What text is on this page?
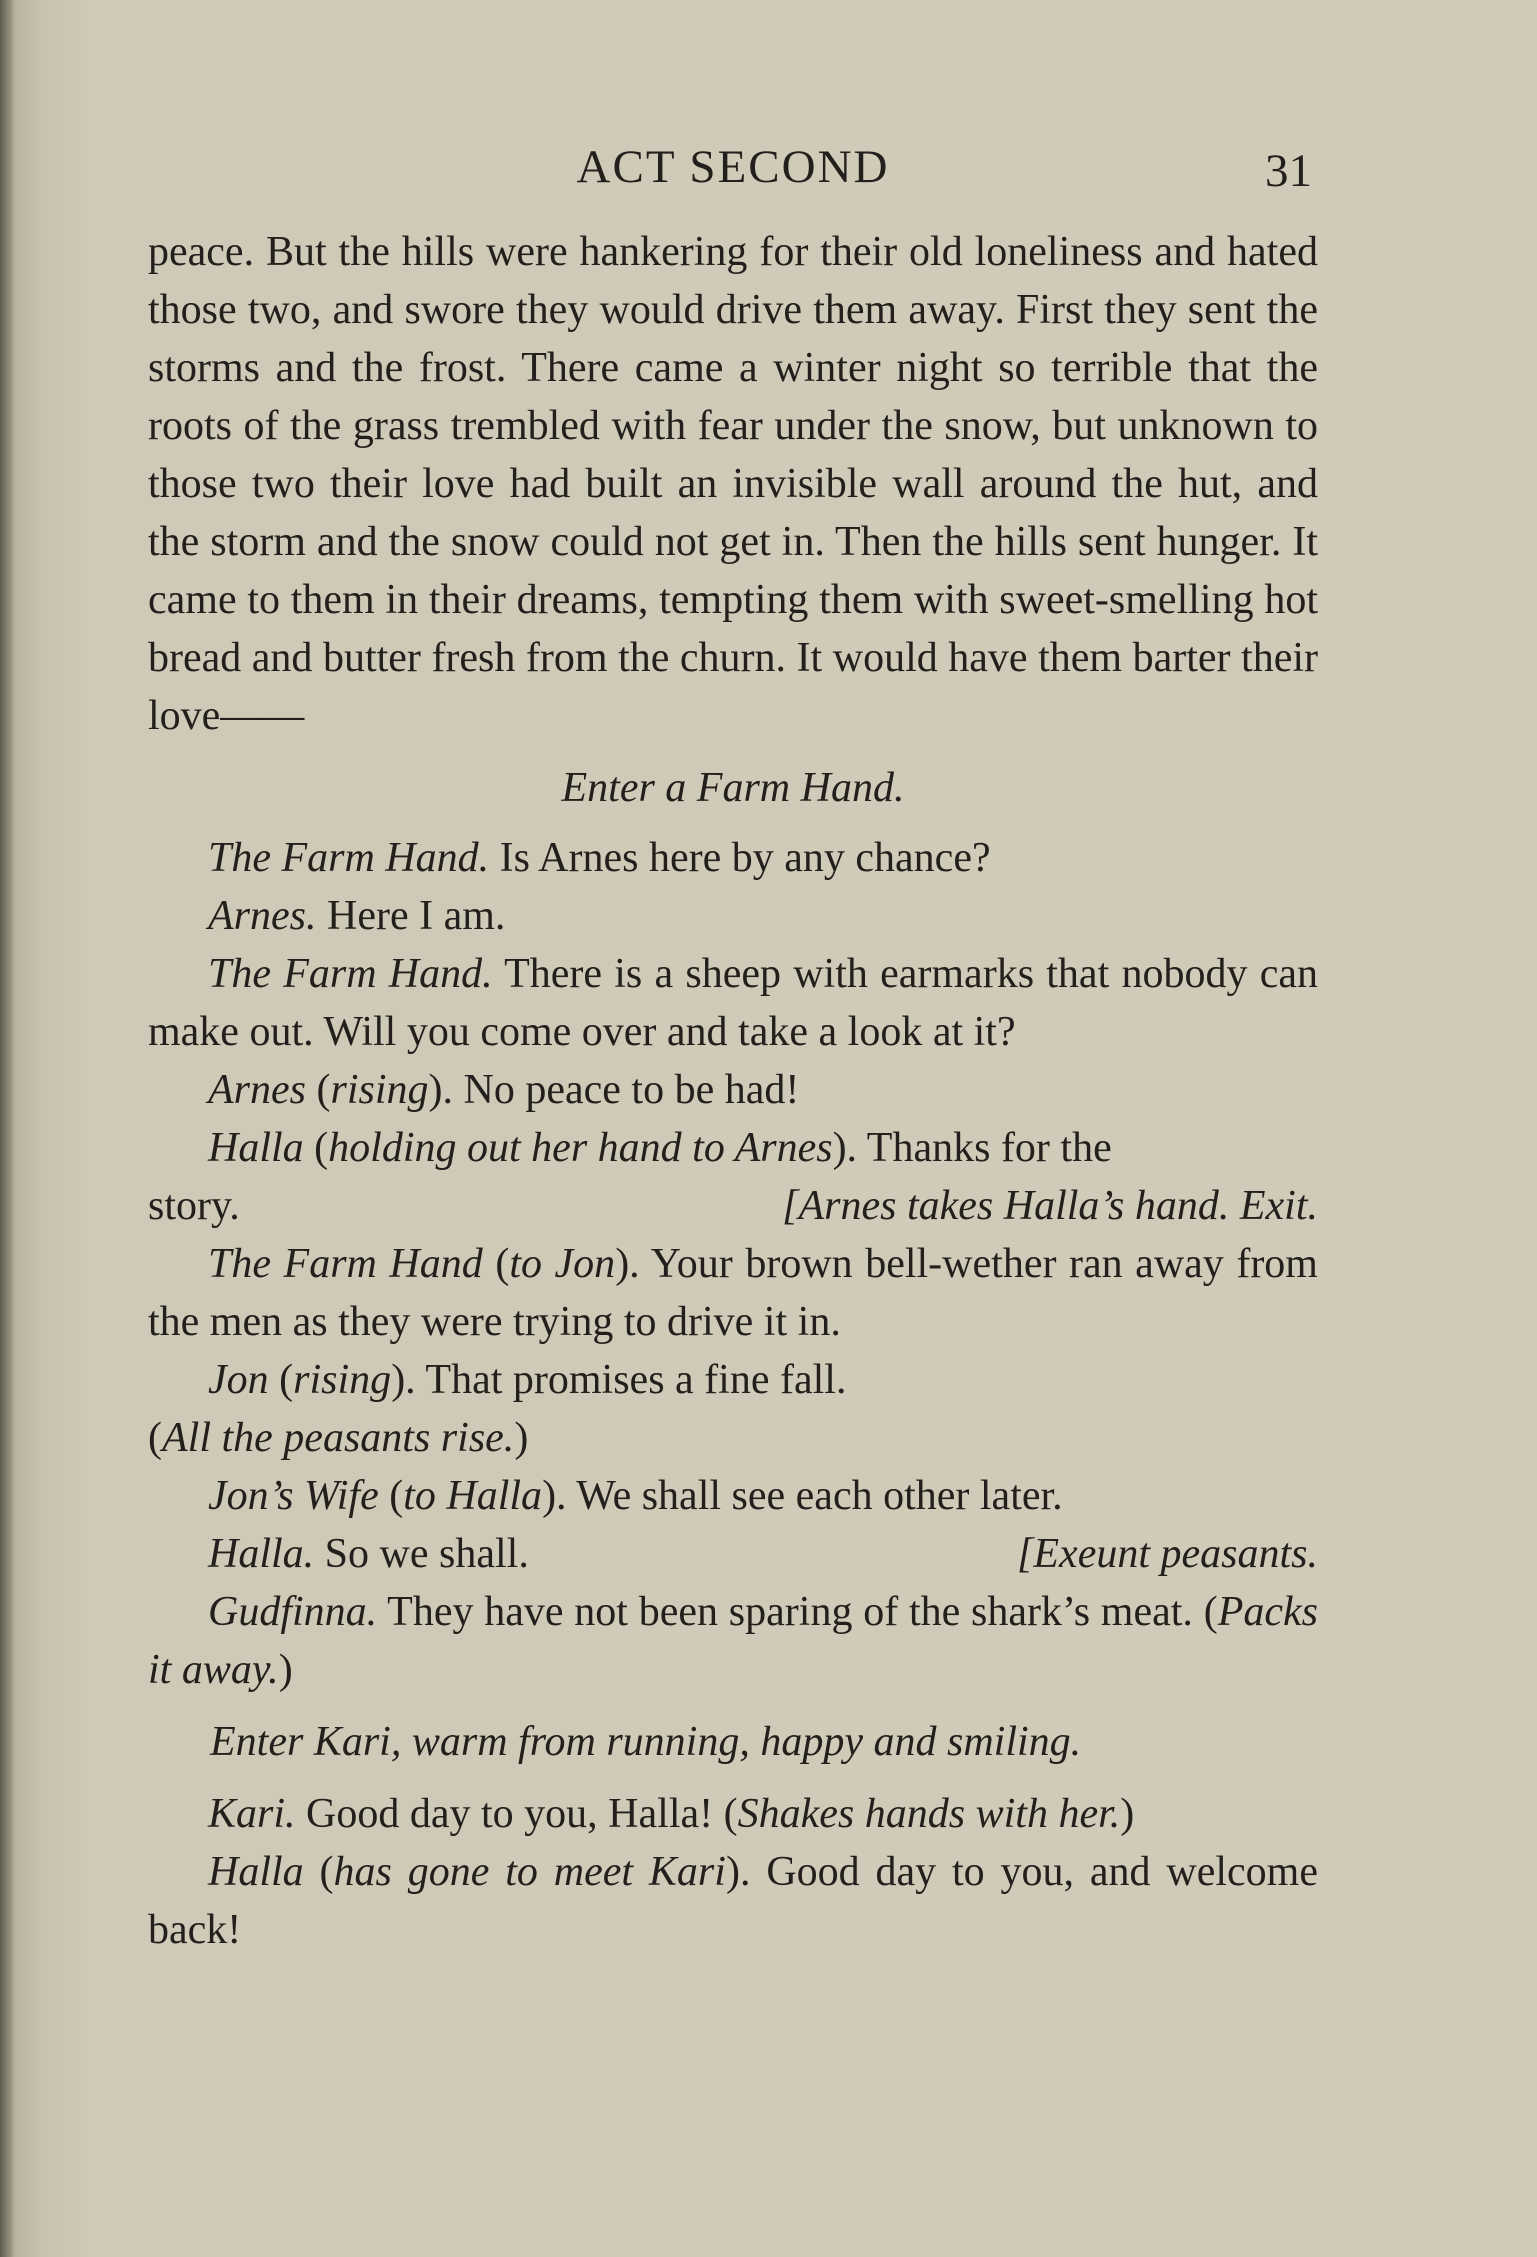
ACT SECOND	31

peace. But the hills were hankering for their old loneliness and hated those two, and swore they would drive them away. First they sent the storms and the frost. There came a winter night so terrible that the roots of the grass trembled with fear under the snow, but unknown to those two their love had built an invisible wall around the hut, and the storm and the snow could not get in. Then the hills sent hunger. It came to them in their dreams, tempting them with sweet-smelling hot bread and butter fresh from the churn. It would have them barter their love——

Enter a Farm Hand.

The Farm Hand. Is Arnes here by any chance?

Arnes. Here I am.

The Farm Hand. There is a sheep with earmarks that nobody can make out. Will you come over and take a look at it?

Arnes (rising). No peace to be had!

Halla (holding out her hand to Arnes). Thanks for the

story.	[Arnes takes Halla’s hand. Exit.

The Farm Hand (to Jon). Your brown bell-wether ran away from the men as they were trying to drive it in.

Jon (rising). That promises a fine fall.

(All the peasants rise.)

Jon’s Wife (to Halla). We shall see each other later.

Halla. So we shall.	[Exeunt peasants.

Gudfinna. They have not been sparing of the shark’s meat. (Packs it away.)

Enter Kari, warm from running, happy and smiling.

Kari. Good day to you, Halla! (Shakes hands with her.)

Halla (has gone to meet Kari). Good day to you, and welcome back!
